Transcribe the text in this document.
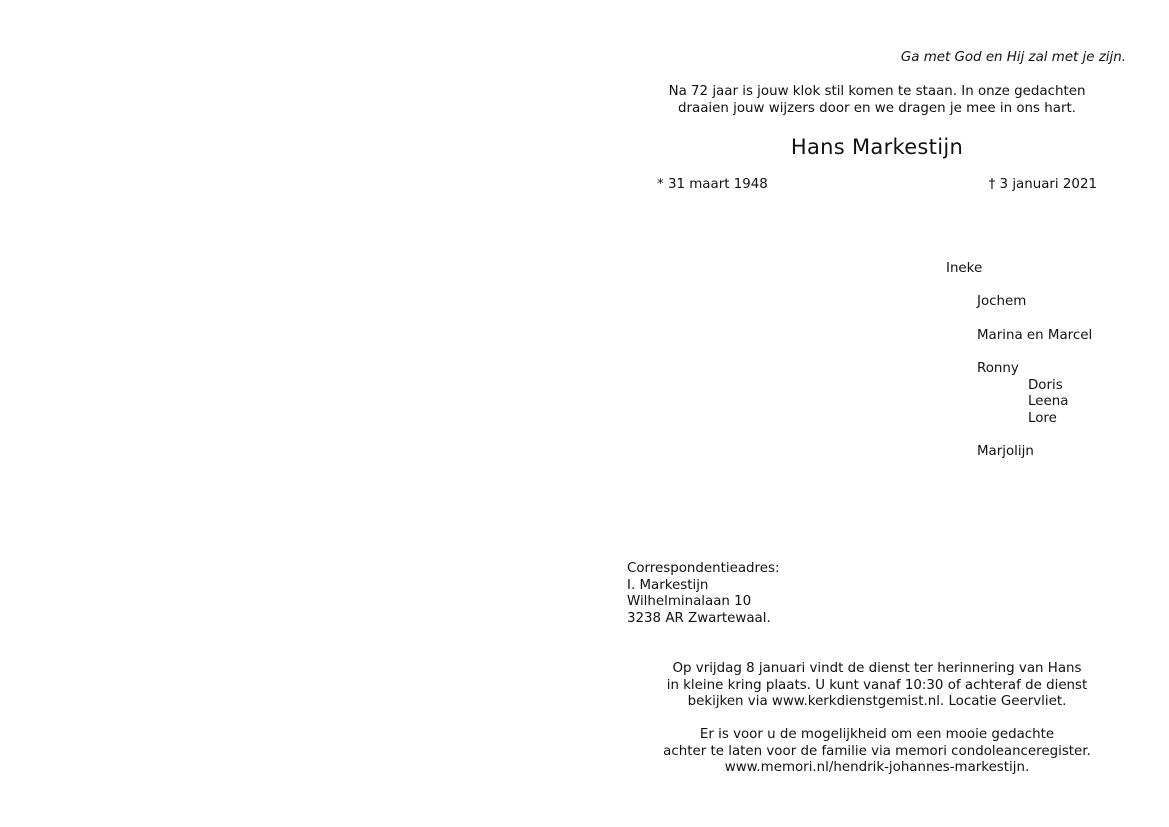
Ga met God en Hij zal met je zijn.
Na 72 jaar is jouw klok stil komen te staan. In onze gedachten
draaien jouw wijzers door en we dragen je mee in ons hart.
Hans Markestijn
* 31 maart 1948	† 3 januari 2021
Ineke
Jochem
Marina en Marcel
Ronny
Doris
Leena
Lore
Marjolijn
Correspondentieadres:
I. Markestijn
Wilhelminalaan 10
3238 AR Zwartewaal.
Op vrijdag 8 januari vindt de dienst ter herinnering van Hans
in kleine kring plaats. U kunt vanaf 10:30 of achteraf de dienst
bekijken via www.kerkdienstgemist.nl. Locatie Geervliet.
Er is voor u de mogelijkheid om een mooie gedachte
achter te laten voor de familie via memori condoleanceregister.
www.memori.nl/hendrik-johannes-markestijn.
